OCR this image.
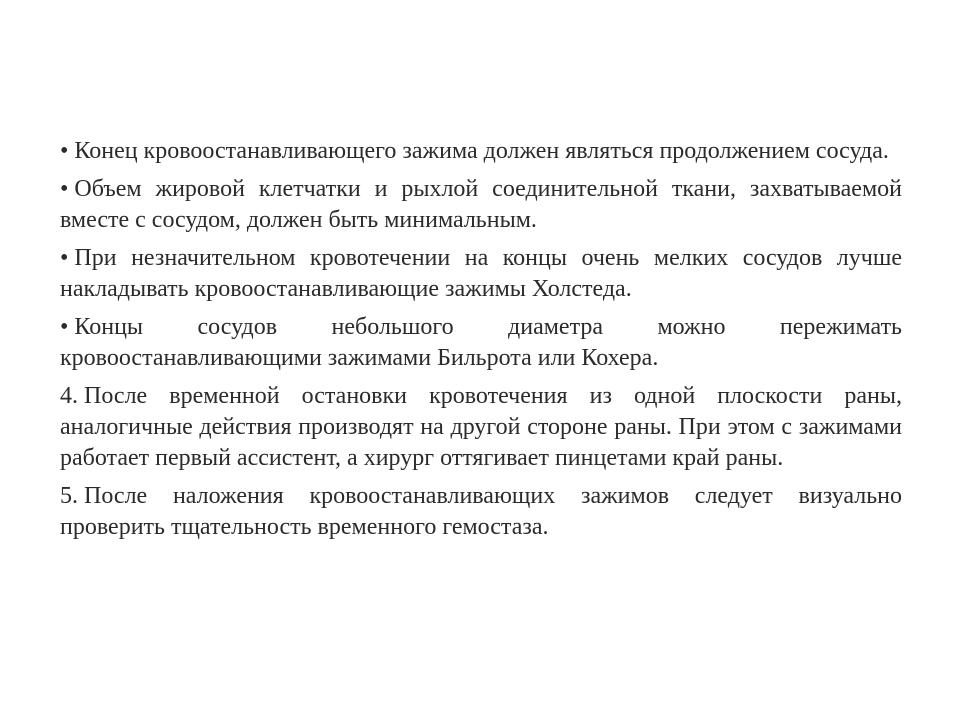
• Конец кровоостанавливающего зажима должен являться продолжением сосуда.

• Объем жировой клетчатки и рыхлой соединительной ткани, захватываемой вместе с сосудом, должен быть минимальным.

• При незначительном кровотечении на концы очень мелких сосудов лучше накладывать кровоостанавливающие зажимы Холстеда.

• Концы сосудов небольшого диаметра можно пережимать кровоостанавливающими зажимами Бильрота или Кохера.

4. После временной остановки кровотечения из одной плоскости раны, аналогичные действия производят на другой стороне раны. При этом с зажимами работает первый ассистент, а хирург оттягивает пинцетами край раны.

5. После наложения кровоостанавливающих зажимов следует визуально проверить тщательность временного гемостаза.
